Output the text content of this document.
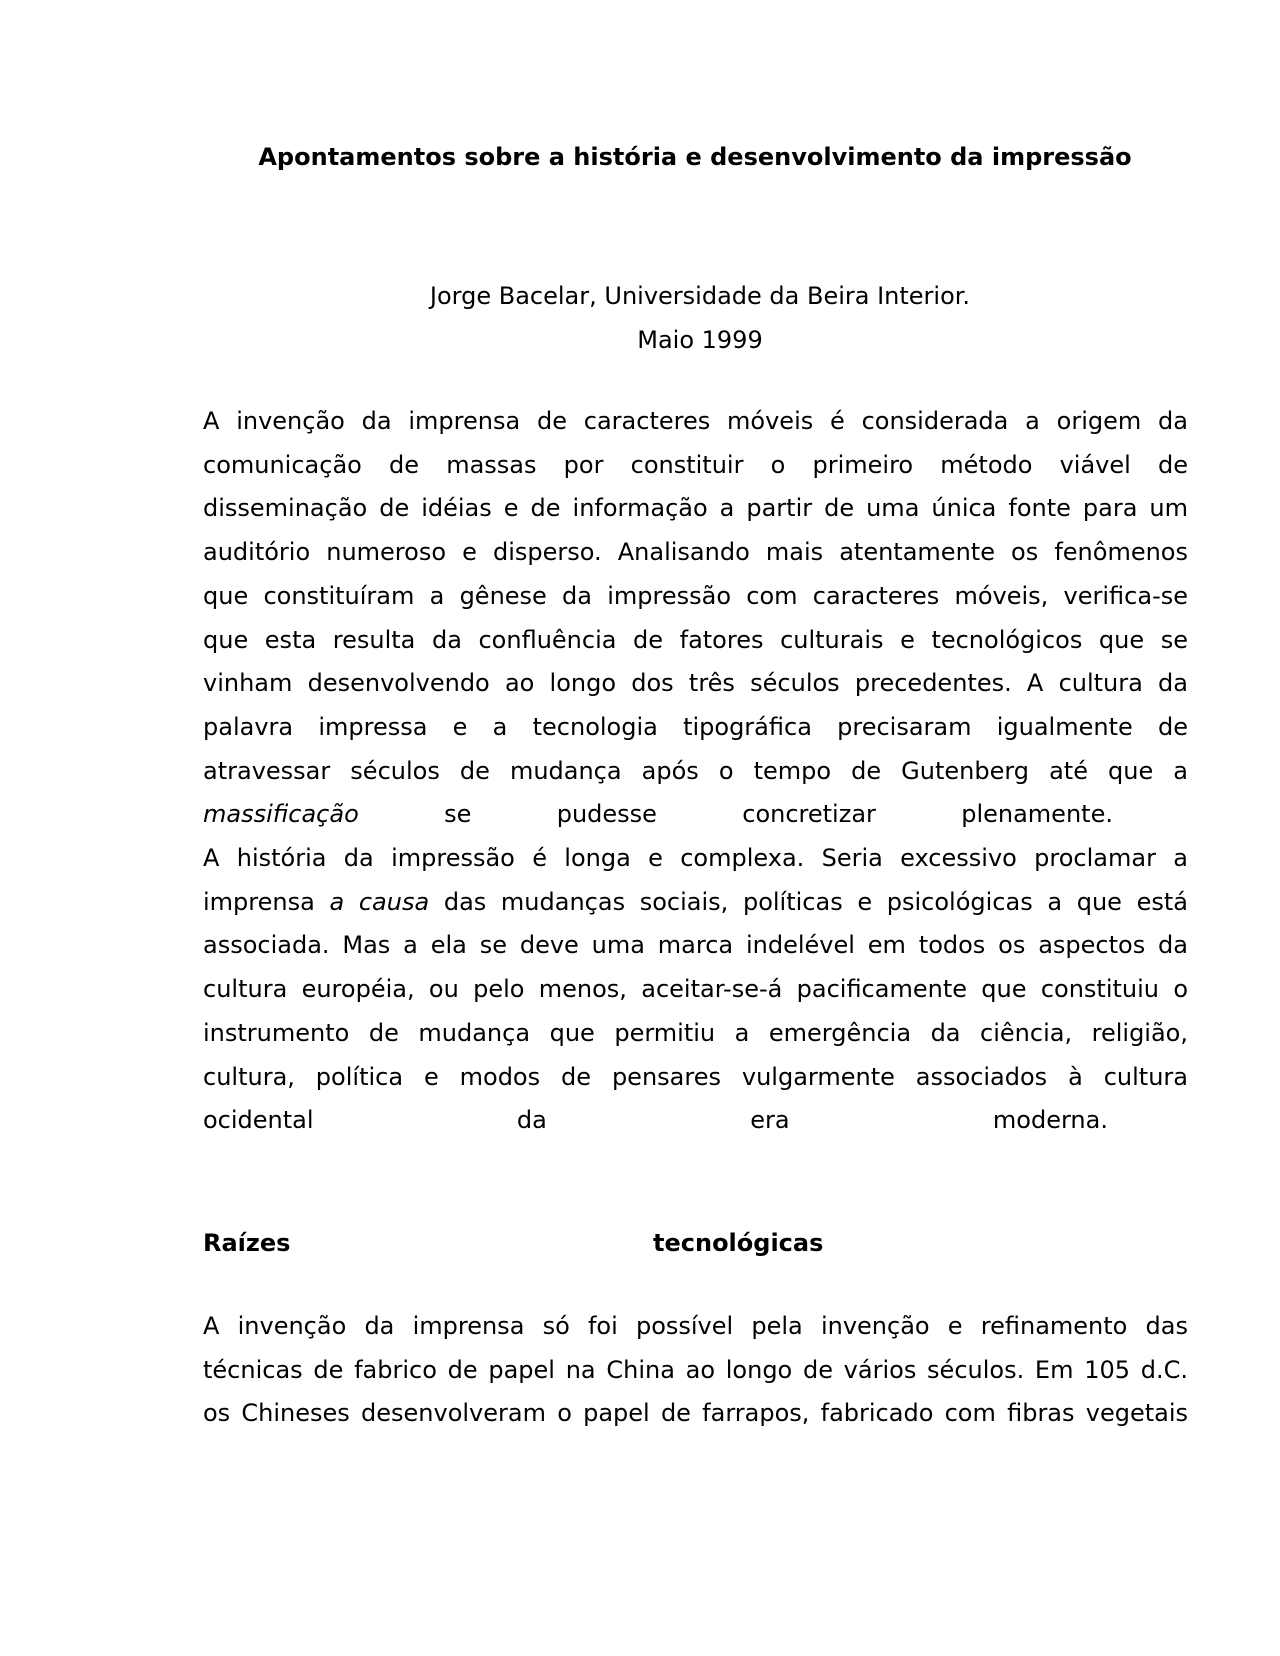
Apontamentos sobre a história e desenvolvimento da impressão
Jorge Bacelar, Universidade da Beira Interior.
Maio 1999
A invenção da imprensa de caracteres móveis é considerada a origem da
comunicação de massas por constituir o primeiro método viável de
disseminação de idéias e de informação a partir de uma única fonte para um
auditório numeroso e disperso. Analisando mais atentamente os fenômenos
que constituíram a gênese da impressão com caracteres móveis, verifica-se
que esta resulta da confluência de fatores culturais e tecnológicos que se
vinham desenvolvendo ao longo dos três séculos precedentes. A cultura da
palavra impressa e a tecnologia tipográfica precisaram igualmente de
atravessar séculos de mudança após o tempo de Gutenberg até que a
massificação	se	pudesse	concretizar	plenamente.
A história da impressão é longa e complexa. Seria excessivo proclamar a
imprensa a causa das mudanças sociais, políticas e psicológicas a que está
associada. Mas a ela se deve uma marca indelével em todos os aspectos da
cultura européia, ou pelo menos, aceitar-se-á pacificamente que constituiu o
instrumento de mudança que permitiu a emergência da ciência, religião,
cultura, política e modos de pensares vulgarmente associados à cultura
ocidental	da	era	moderna.
Raízes	tecnológicas
A invenção da imprensa só foi possível pela invenção e refinamento das
técnicas de fabrico de papel na China ao longo de vários séculos. Em 105 d.C.
os Chineses desenvolveram o papel de farrapos, fabricado com fibras vegetais
